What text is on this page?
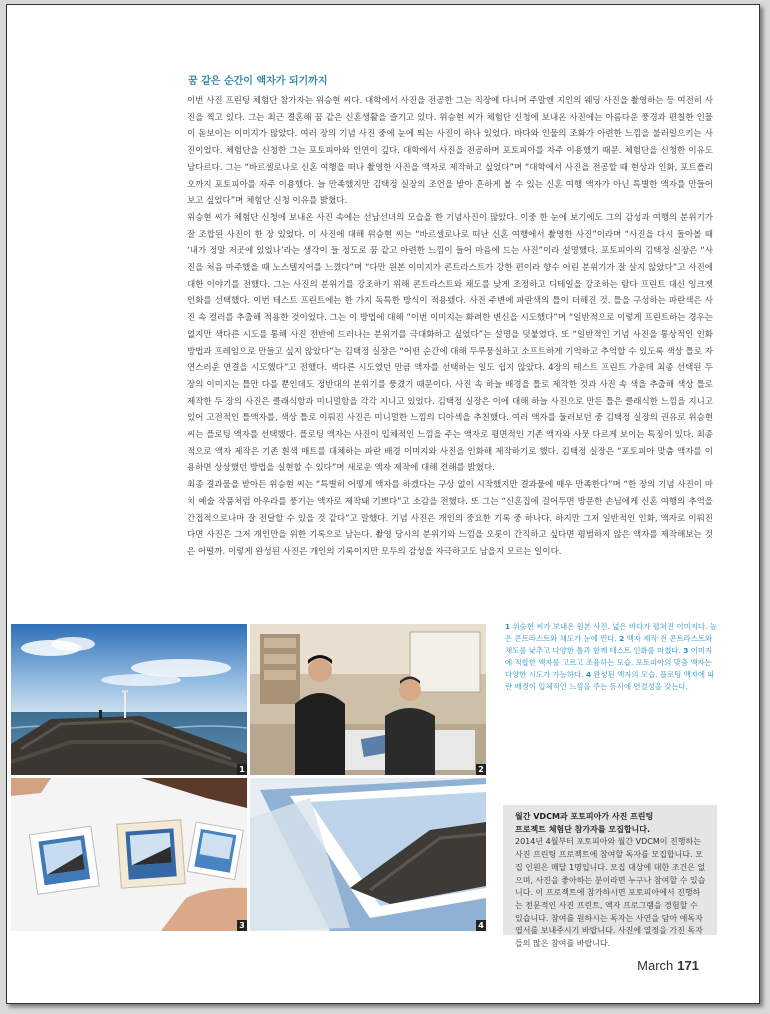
꿈 같은 순간이 액자가 되기까지

이번 사진 프린팅 체험단 참가자는 위승현 씨다. 대학에서 사진을 전공한 그는 직장에 다니며 주말엔 지인의 웨딩 사진을 촬영하는 등 여전히 사진을 찍고 있다. 그는 최근 결혼해 꿈 같은 신혼생활을 즐기고 있다. 위승현 씨가 체험단 신청에 보내온 사진에는 아름다운 풍경과 편칠한 인물이 돋보이는 이미지가 많았다. 여러 장의 기념 사진 중에 눈에 띄는 사진이 하나 있었다. 바다와 인물의 조화가 아련한 느낌을 불러일으키는 사진이었다. 체험단을 신청한 그는 포토피아와 인연이 깊다. 대학에서 사진을 전공하며 포토피아를 자주 이용했기 때문. 체험단을 신청한 이유도 남다르다. 그는 “바르셀로나로 신혼 여행을 떠나 촬영한 사진을 액자로 제작하고 싶었다”며 “대학에서 사진을 전공할 때 현상과 인화, 포트폴리오까지 포토피아를 자주 이용했다. 늘 만족했지만 김택정 실장의 조언을 받아 흔하게 볼 수 있는 신혼 여행 액자가 아닌 특별한 액자를 만들어 보고 싶었다”며 체험단 신청 이유를 밝혔다.

위승현 씨가 체험단 신청에 보내온 사진 속에는 선남선녀의 모습을 한 기념사진이 많았다. 이중 한 눈에 보기에도 그의 감성과 여행의 분위기가 잘 조합된 사진이 한 장 있었다. 이 사진에 대해 위승현 씨는 “바르셀로나로 떠난 신혼 여행에서 촬영한 사진”이라며 “사진을 다시 돌아볼 때 ‘내가 정말 저곳에 있었나’라는 생각이 들 정도로 꿈 같고 아련한 느낌이 들어 마음에 드는 사진”이라 설명했다. 포토피아의 김택정 실장은 “사진을 처음 마주했을 때 노스텔지어를 느꼈다”며 “다만 원본 이미지가 콘트라스트가 강한 편이라 향수 어린 분위기가 잘 살지 않았다”고 사진에 대한 이야기를 전했다. 그는 사진의 분위기를 강조하기 위해 콘트라스트와 채도를 낮게 조정하고 디테일을 강조하는 람다 프린트 대신 잉크젯 인화를 선택했다. 이번 테스트 프린트에는 한 가지 독특한 방식이 적용됐다. 사진 주변에 파란색의 틀이 더해진 것. 틀을 구성하는 파란색은 사진 속 컬러를 추출해 적용한 것이었다. 그는 이 방법에 대해 “이번 이미지는 화려한 변신을 시도했다”며 “일반적으로 이렇게 프린트하는 경우는 없지만 색다른 시도를 통해 사진 전반에 드러나는 분위기를 극대화하고 싶었다”는 설명을 덧붙였다. 또 “일반적인 기념 사진을 통상적인 인화 방법과 프레임으로 만들고 싶지 않았다”는 김택정 실장은 “어떤 순간에 대해 두루뭉실하고 소프트하게 기억하고 추억할 수 있도록 색상 틀로 자연스러운 연결을 시도했다”고 전했다. 색다른 시도였던 만큼 액자를 선택하는 일도 쉽지 않았다. 4장의 테스트 프린트 가운데 최종 선택된 두 장의 이미지는 틀만 다를 뿐인데도 정반대의 분위기를 풍겼기 때문이다. 사진 속 하늘 배경을 틀로 제작한 것과 사진 속 색을 추출해 색상 틀로 제작한 두 장의 사진은 클래식함과 미니멀함을 각각 지니고 있었다. 김택정 실장은 이에 대해 하늘 사진으로 만든 틀은 클래식한 느낌을 지니고 있어 고전적인 틀액자를, 색상 틀로 이뤄진 사진은 미니멀한 느낌의 디아섹을 추천했다. 여러 액자를 둘러보던 중 김택정 실장의 권유로 위승현 씨는 플로팅 액자를 선택했다. 플로팅 액자는 사진이 입체적인 느낌을 주는 액자로 평면적인 기존 액자와 사뭇 다르게 보이는 특징이 있다. 최종적으로 액자 제작은 기존 흰색 매트를 대체하는 파란 배경 이미지와 사진을 인화해 제작하기로 했다. 김택정 실장은 “포토피아 맞춤 액자를 이용하면 상상했던 방법을 실현할 수 있다”며 새로운 액자 제작에 대해 견해를 밝혔다.

최종 결과물을 받아든 위승현 씨는 “특별히 어떻게 액자를 하겠다는 구상 없이 시작했지만 결과물에 매우 만족한다”며 “한 장의 기념 사진이 마치 예술 작품처럼 아우라를 풍기는 액자로 제작돼 기쁘다”고 소감을 전했다. 또 그는 “신혼집에 걸어두면 방문한 손님에게 신혼 여행의 추억을 간접적으로나마 잘 전달할 수 있을 것 같다”고 말했다. 기념 사진은 개인의 중요한 기록 중 하나다. 하지만 그저 일반적인 인화, 액자로 이뤄진다면 사진은 그저 개인만을 위한 기록으로 남는다. 촬영 당시의 분위기와 느낌을 오롯이 간직하고 싶다면 평범하지 않은 액자를 제작해보는 것은 어떨까. 이렇게 완성된 사진은 개인의 기록이지만 모두의 감성을 자극하고도 남을지 모르는 일이다.

1	2
3	4
1 위승현 씨가 보내온 원본 사진. 넓은 바다가 펼쳐진 이미지다. 높은 콘트라스트와 채도가 눈에 띈다. 2 액자 제작 전 콘트라스트와 채도를 낮추고 다양한 틀과 함께 테스트 인화를 마쳤다. 3 이미지에 적합한 액자를 고르고 조율하는 모습. 포토피아의 맞춤 액자는 다양한 시도가 가능하다. 4 완성된 액자의 모습. 플로팅 액자에 파란 배경이 입체적인 느낌을 주는 동시에 연결성을 갖는다.
월간 VDCM과 포토피아가 사진 프린팅
프로젝트 체험단 참가자를 모집합니다.
2014년 4월부터 포토피아와 월간 VDCM이 진행하는 사진 프린팅 프로젝트에 참여할 독자를 모집합니다. 모집 인원은 매달 1명입니다. 모집 대상에 대한 조건은 없으며, 사진을 좋아하는 분이라면 누구나 참여할 수 있습니다. 이 프로젝트에 참가하시면 포토피아에서 진행하는 전문적인 사진 프린트, 액자 프로그램을 경험할 수 있습니다. 참여를 원하시는 독자는 사연을 담아 애독자 엽서를 보내주시기 바랍니다. 사진에 열정을 가진 독자들의 많은 참여를 바랍니다.
March 171
